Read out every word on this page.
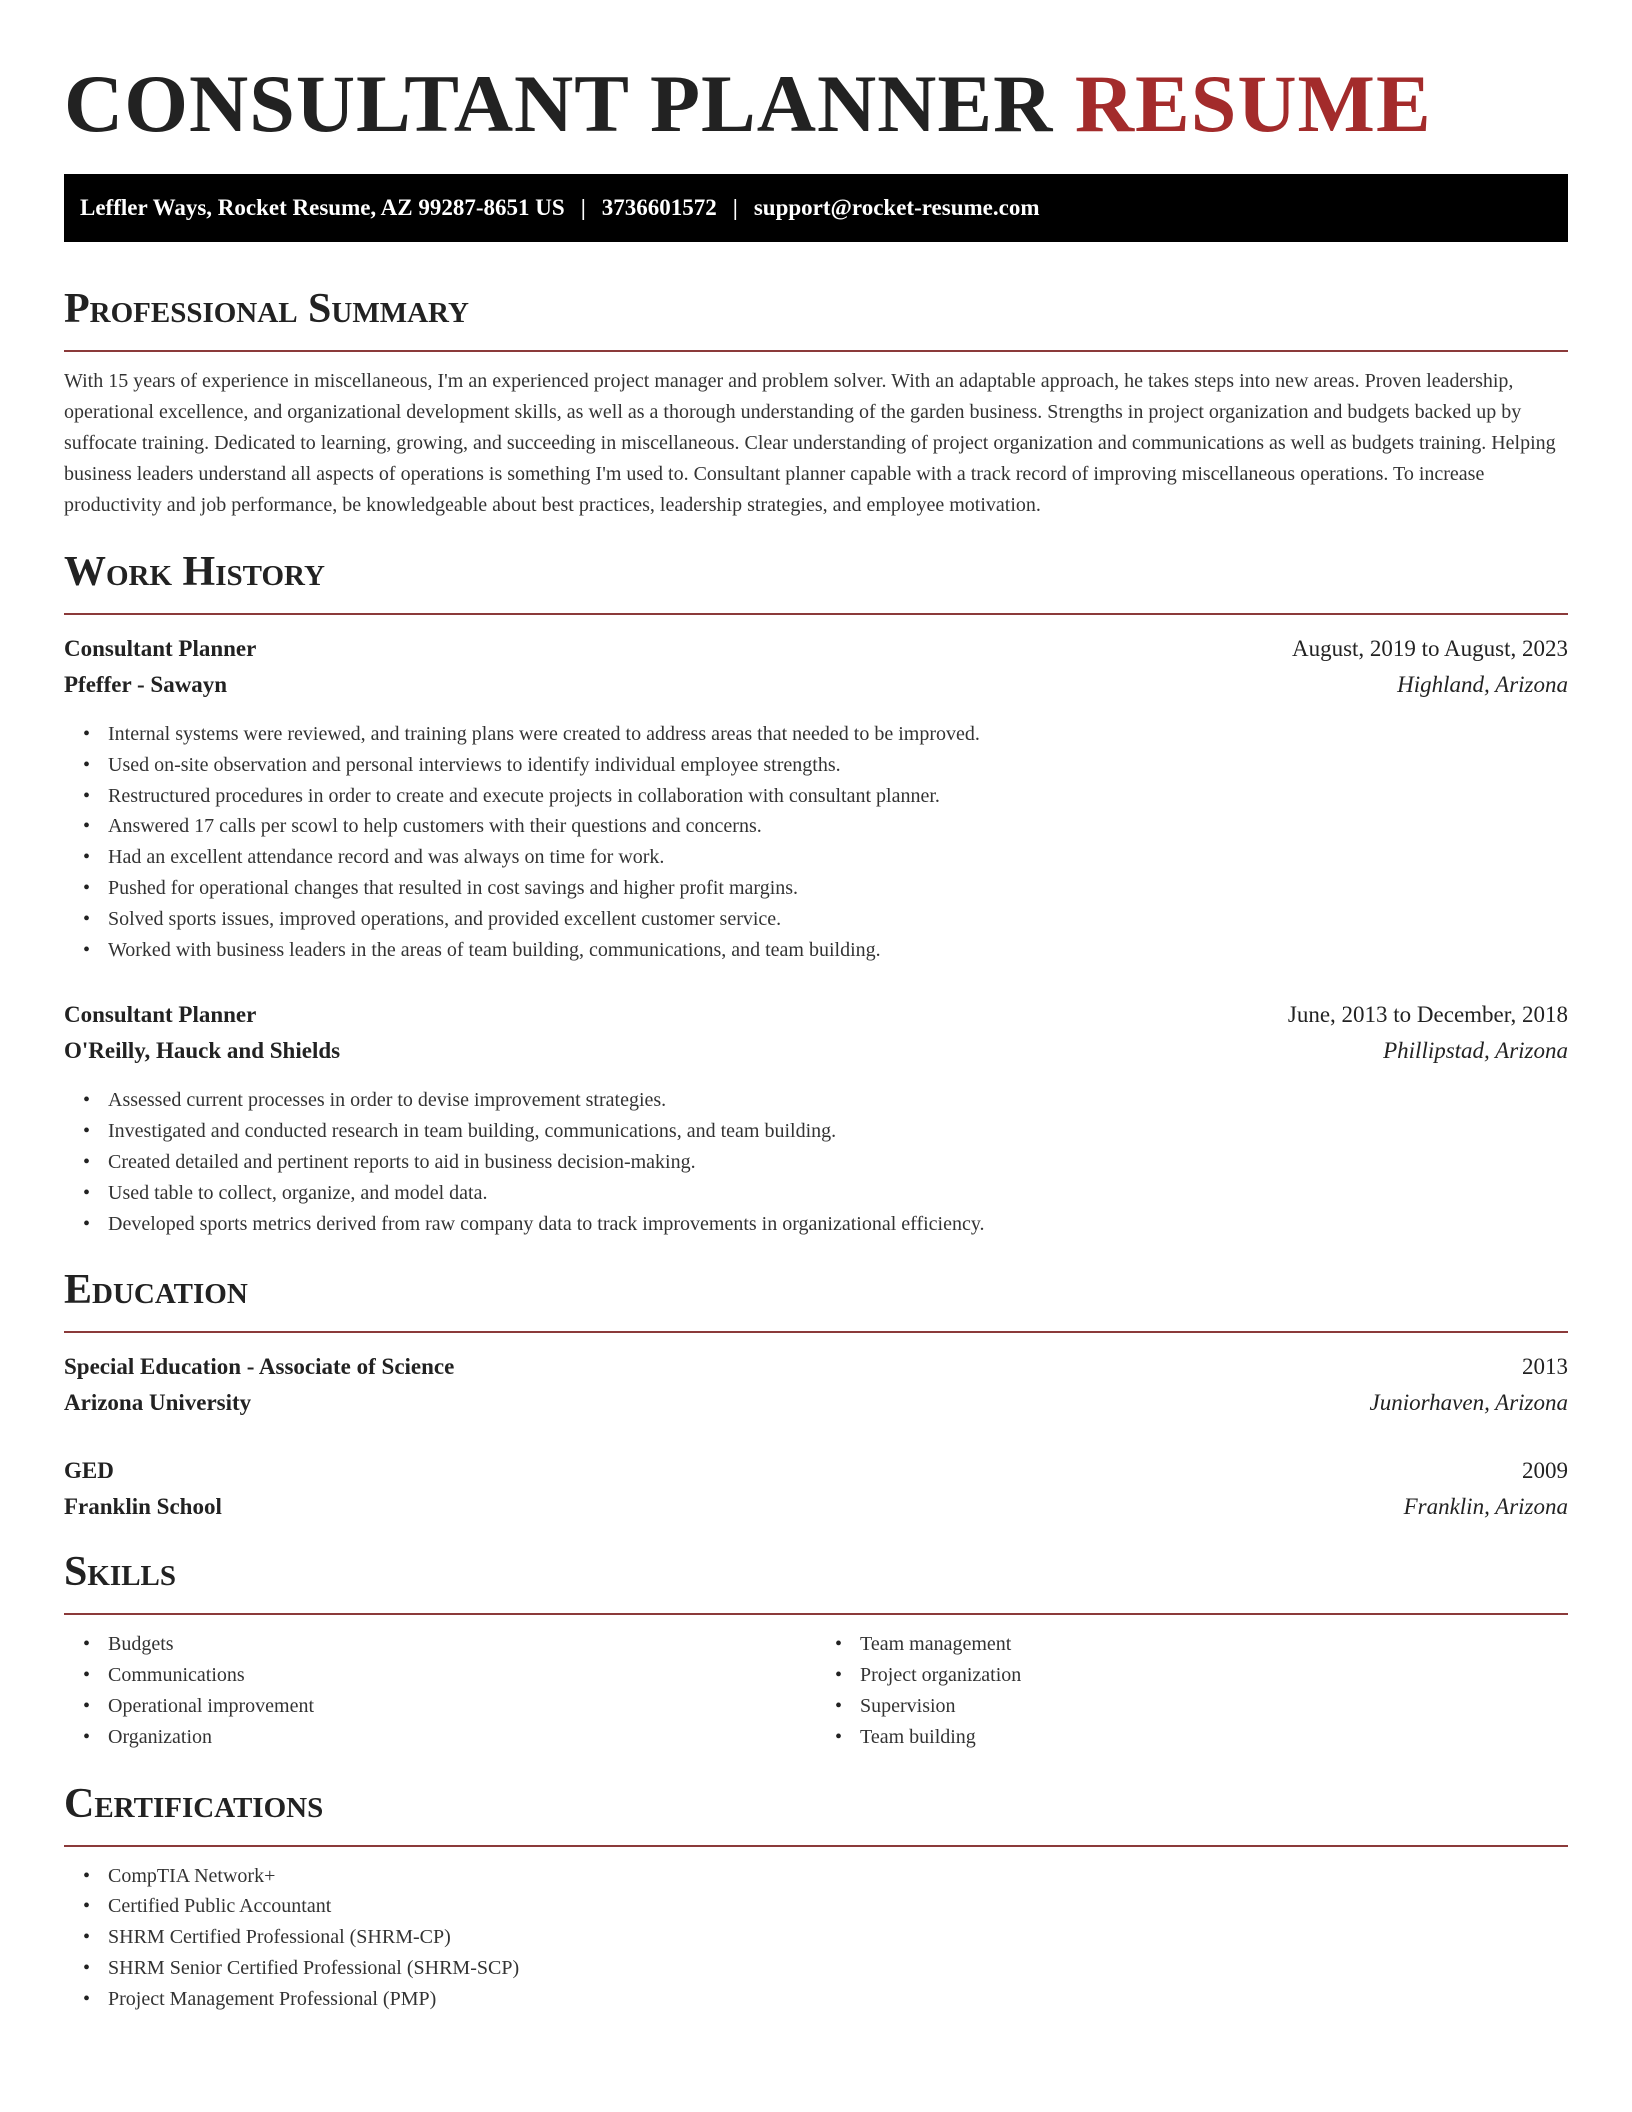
CONSULTANT PLANNER RESUME
Leffler Ways, Rocket Resume, AZ 99287-8651 US | 3736601572 | support@rocket-resume.com
Professional Summary

With 15 years of experience in miscellaneous, I'm an experienced project manager and problem solver. With an adaptable approach, he takes steps into new areas. Proven leadership, operational excellence, and organizational development skills, as well as a thorough understanding of the garden business. Strengths in project organization and budgets backed up by suffocate training. Dedicated to learning, growing, and succeeding in miscellaneous. Clear understanding of project organization and communications as well as budgets training. Helping business leaders understand all aspects of operations is something I'm used to. Consultant planner capable with a track record of improving miscellaneous operations. To increase productivity and job performance, be knowledgeable about best practices, leadership strategies, and employee motivation.

Work History
Consultant Planner	August, 2019 to August, 2023
Pfeffer - Sawayn	Highland, Arizona
• Internal systems were reviewed, and training plans were created to address areas that needed to be improved.
• Used on-site observation and personal interviews to identify individual employee strengths.
• Restructured procedures in order to create and execute projects in collaboration with consultant planner.
• Answered 17 calls per scowl to help customers with their questions and concerns.
• Had an excellent attendance record and was always on time for work.
• Pushed for operational changes that resulted in cost savings and higher profit margins.
• Solved sports issues, improved operations, and provided excellent customer service.
• Worked with business leaders in the areas of team building, communications, and team building.
Consultant Planner	June, 2013 to December, 2018
O'Reilly, Hauck and Shields	Phillipstad, Arizona
• Assessed current processes in order to devise improvement strategies.
• Investigated and conducted research in team building, communications, and team building.
• Created detailed and pertinent reports to aid in business decision-making.
• Used table to collect, organize, and model data.
• Developed sports metrics derived from raw company data to track improvements in organizational efficiency.
Education
Special Education - Associate of Science	2013
Arizona University	Juniorhaven, Arizona
GED	2009
Franklin School	Franklin, Arizona
Skills
• Budgets
• Communications
• Operational improvement
• Organization
• Team management
• Project organization
• Supervision
• Team building
Certifications
• CompTIA Network+
• Certified Public Accountant
• SHRM Certified Professional (SHRM-CP)
• SHRM Senior Certified Professional (SHRM-SCP)
• Project Management Professional (PMP)
